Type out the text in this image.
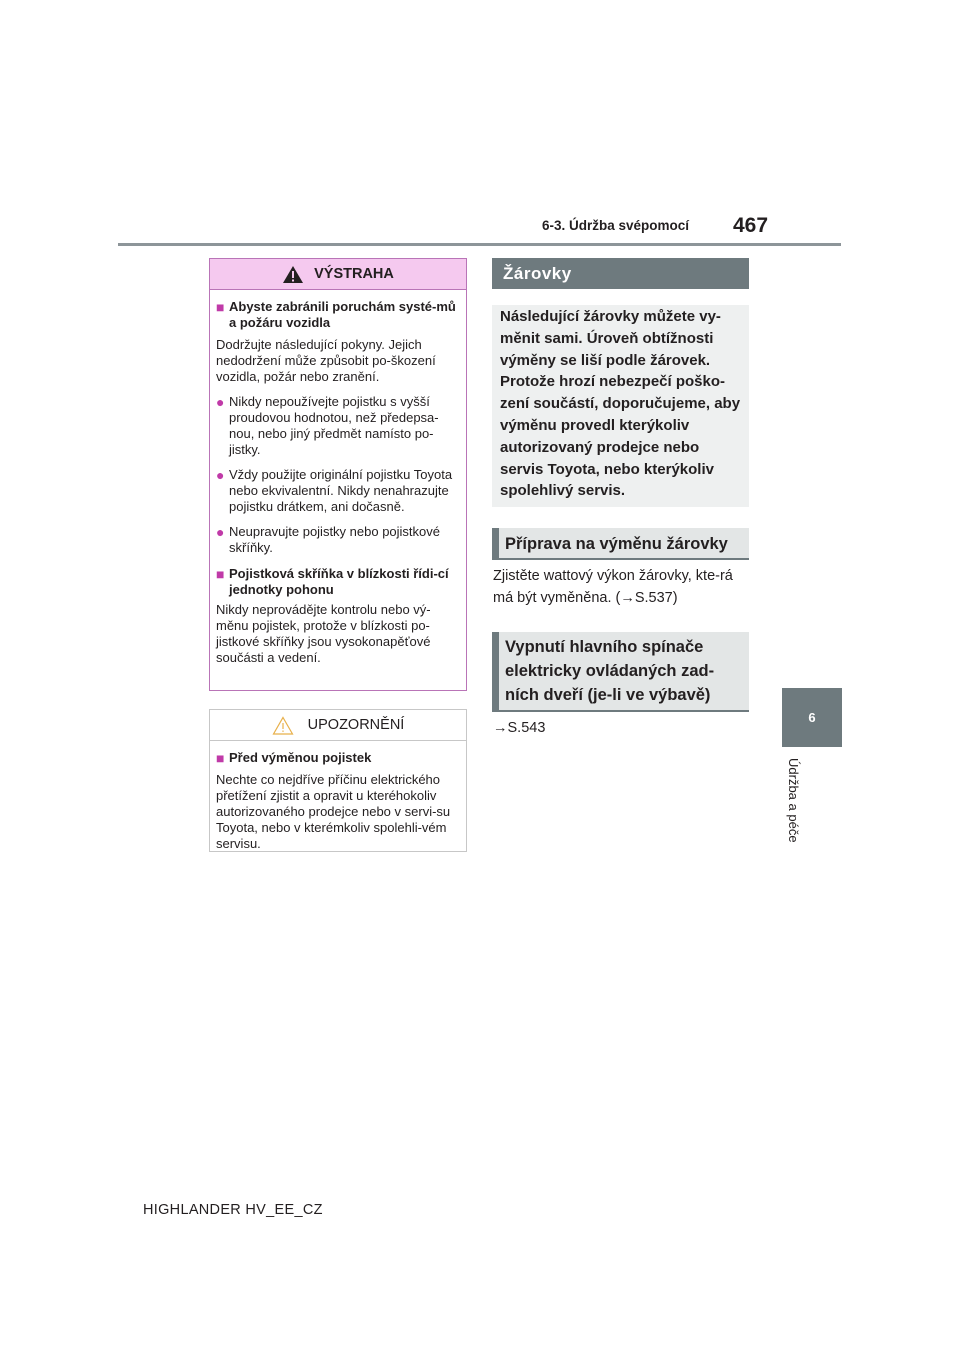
6-3. Údržba svépomocí 467
6
Údržba a péče
VÝSTRAHA
■ Abyste zabránili poruchám systé-mů a požáru vozidla

Dodržujte následující pokyny. Jejich nedodržení může způsobit po-škození vozidla, požár nebo zranění.

● Nikdy nepoužívejte pojistku s vyšší proudovou hodnotou, než předepsa-nou, nebo jiný předmět namísto po-jistky.
● Vždy použijte originální pojistku Toyota nebo ekvivalentní. Nikdy nenahrazujte pojistku drátkem, ani dočasně.
● Neupravujte pojistky nebo pojistkové skříňky.
■ Pojistková skříňka v blízkosti řídi-cí jednotky pohonu

Nikdy neprovádějte kontrolu nebo vý-měnu pojistek, protože v blízkosti po-jistkové skříňky jsou vysokonapěťové součásti a vedení.

UPOZORNĚNÍ
■ Před výměnou pojistek

Nechte co nejdříve příčinu elektrického přetížení zjistit a opravit u kteréhokoliv autorizovaného prodejce nebo v servi-su Toyota, nebo v kterémkoliv spolehli-vém servisu.

Žárovky
Následující žárovky můžete vy-měnit sami. Úroveň obtížnosti výměny se liší podle žárovek. Protože hrozí nebezpečí poško-zení součástí, doporučujeme, aby výměnu provedl kterýkoliv autorizovaný prodejce nebo servis Toyota, nebo kterýkoliv spolehlivý servis.
Příprava na výměnu žárovky
Zjistěte wattový výkon žárovky, kte-rá má být vyměněna. (→S.537)
Vypnutí hlavního spínače elektricky ovládaných zad-ních dveří (je-li ve výbavě)
→S.543
HIGHLANDER HV_EE_CZ
